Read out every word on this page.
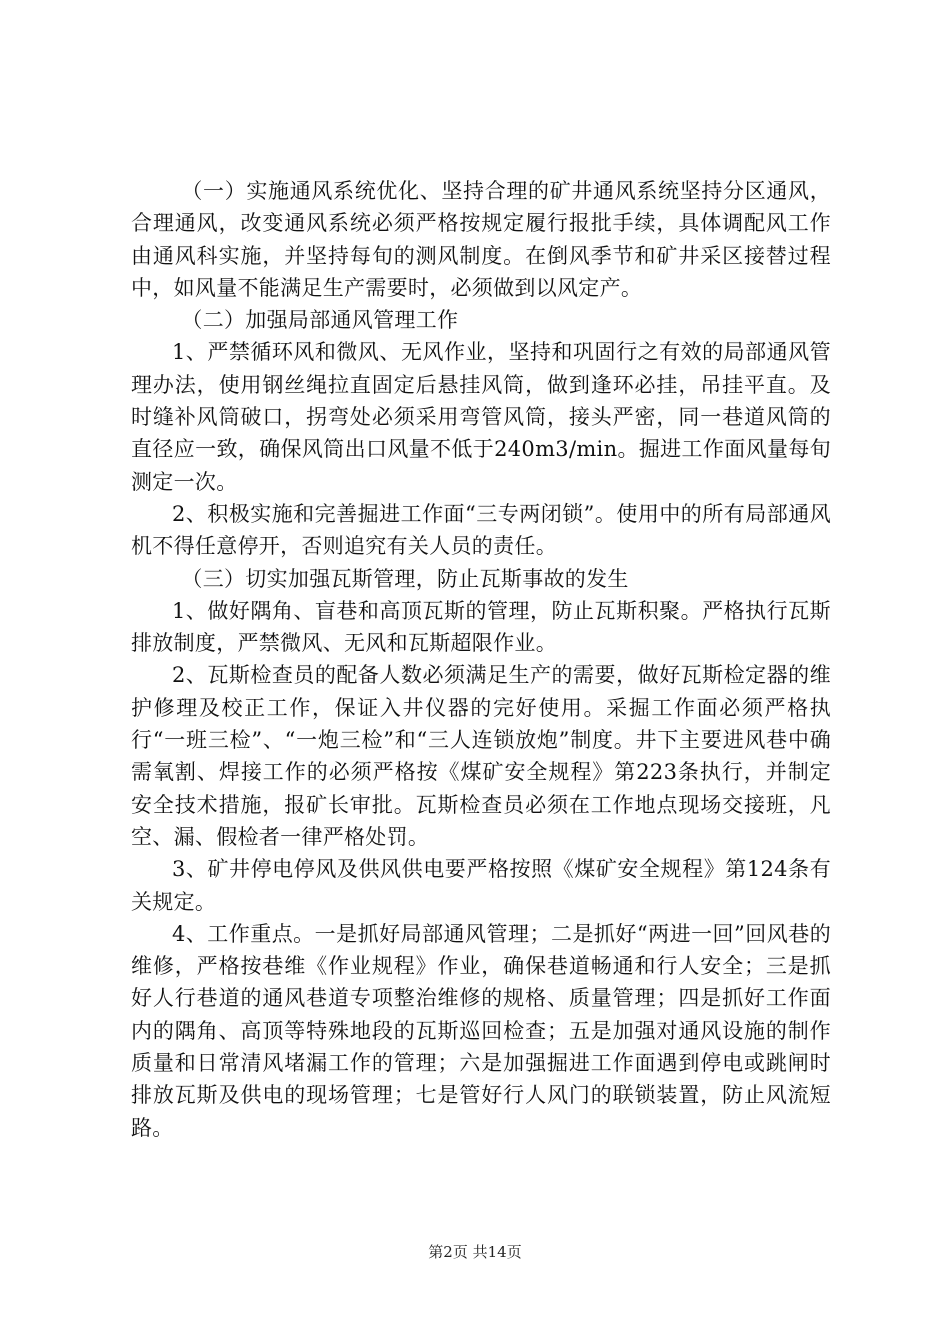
（一）实施通风系统优化、坚持合理的矿井通风系统坚持分区通风，合理通风，改变通风系统必须严格按规定履行报批手续，具体调配风工作由通风科实施，并坚持每旬的测风制度。在倒风季节和矿井采区接替过程中，如风量不能满足生产需要时，必须做到以风定产。

（二）加强局部通风管理工作

1、严禁循环风和微风、无风作业，坚持和巩固行之有效的局部通风管理办法，使用钢丝绳拉直固定后悬挂风筒，做到逢环必挂，吊挂平直。及时缝补风筒破口，拐弯处必须采用弯管风筒，接头严密，同一巷道风筒的直径应一致，确保风筒出口风量不低于240m3/min。掘进工作面风量每旬测定一次。

2、积极实施和完善掘进工作面“三专两闭锁”。使用中的所有局部通风机不得任意停开，否则追究有关人员的责任。

（三）切实加强瓦斯管理，防止瓦斯事故的发生

1、做好隅角、盲巷和高顶瓦斯的管理，防止瓦斯积聚。严格执行瓦斯排放制度，严禁微风、无风和瓦斯超限作业。

2、瓦斯检查员的配备人数必须满足生产的需要，做好瓦斯检定器的维护修理及校正工作，保证入井仪器的完好使用。采掘工作面必须严格执行“一班三检”、“一炮三检”和“三人连锁放炮”制度。井下主要进风巷中确需氧割、焊接工作的必须严格按《煤矿安全规程》第223条执行，并制定安全技术措施，报矿长审批。瓦斯检查员必须在工作地点现场交接班，凡空、漏、假检者一律严格处罚。

3、矿井停电停风及供风供电要严格按照《煤矿安全规程》第124条有关规定。

4、工作重点。一是抓好局部通风管理；二是抓好“两进一回”回风巷的维修，严格按巷维《作业规程》作业，确保巷道畅通和行人安全；三是抓好人行巷道的通风巷道专项整治维修的规格、质量管理；四是抓好工作面内的隅角、高顶等特殊地段的瓦斯巡回检查；五是加强对通风设施的制作质量和日常清风堵漏工作的管理；六是加强掘进工作面遇到停电或跳闸时排放瓦斯及供电的现场管理；七是管好行人风门的联锁装置，防止风流短路。

第2页 共14页
